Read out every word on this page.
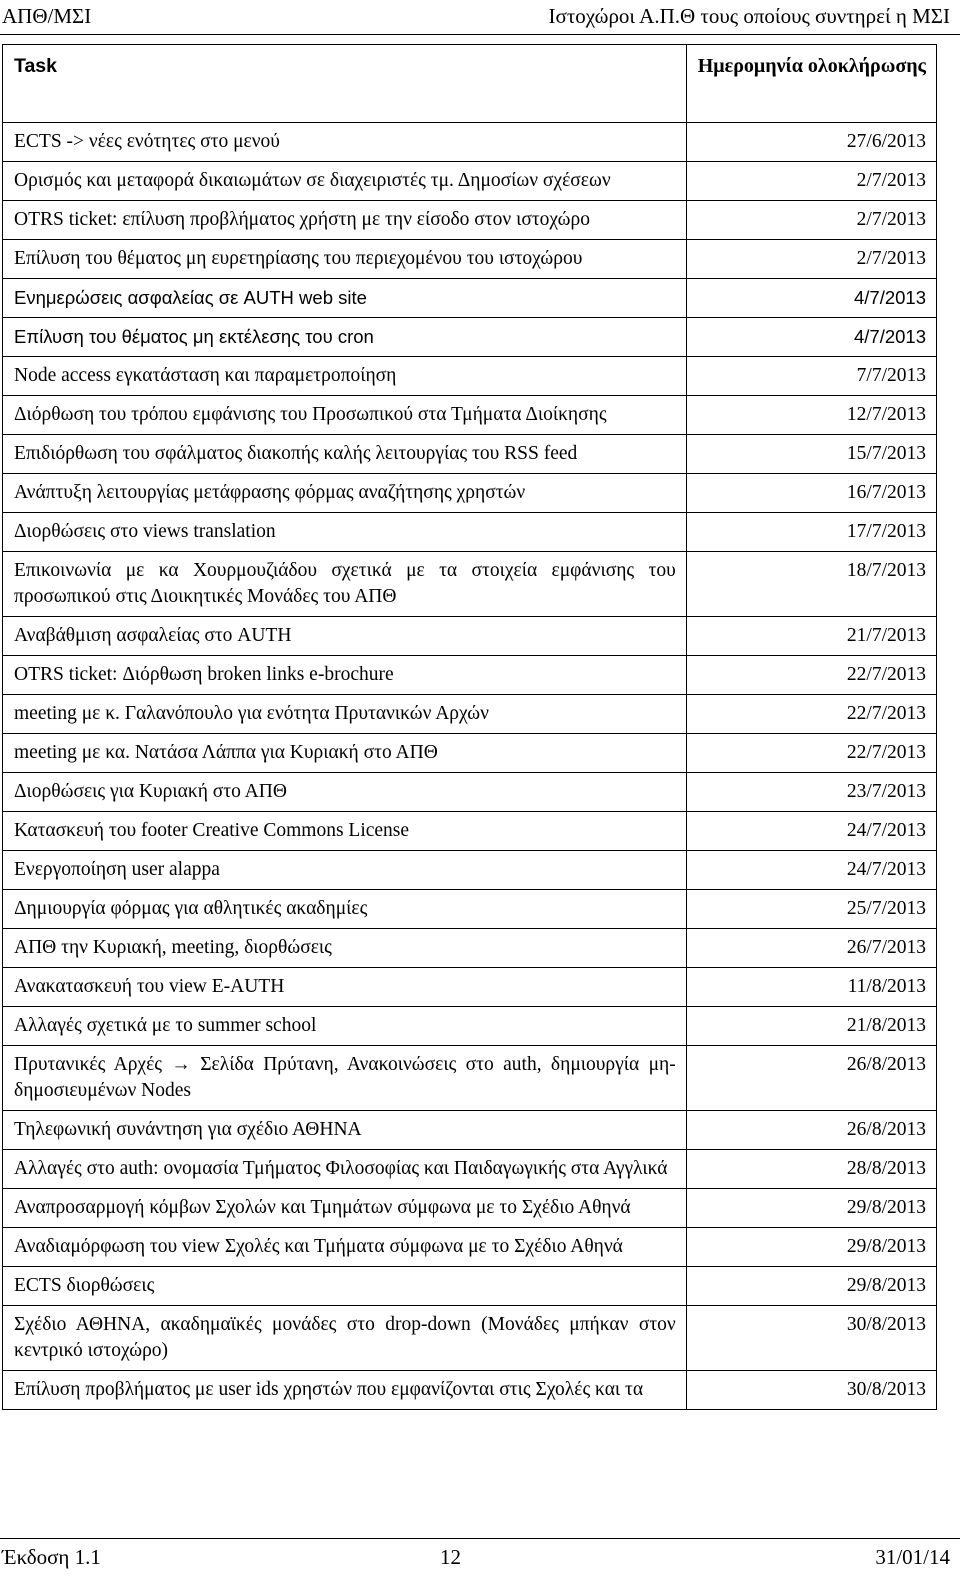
ΑΠΘ/ΜΣΙ	Ιστοχώροι Α.Π.Θ τους οποίους συντηρεί η ΜΣΙ
Task	Ημερομηνία ολοκλήρωσης
ECTS -> νέες ενότητες στο μενού	27/6/2013
Ορισμός και μεταφορά δικαιωμάτων σε διαχειριστές τμ. Δημοσίων σχέσεων	2/7/2013
OTRS ticket: επίλυση προβλήματος χρήστη με την είσοδο στον ιστοχώρο	2/7/2013
Επίλυση του θέματος μη ευρετηρίασης του περιεχομένου του ιστοχώρου	2/7/2013
Ενημερώσεις ασφαλείας σε AUTH web site	4/7/2013
Επίλυση του θέματος μη εκτέλεσης του cron	4/7/2013
Node access εγκατάσταση και παραμετροποίηση	7/7/2013
Διόρθωση του τρόπου εμφάνισης του Προσωπικού στα Τμήματα Διοίκησης	12/7/2013
Επιδιόρθωση του σφάλματος διακοπής καλής λειτουργίας του RSS feed	15/7/2013
Ανάπτυξη λειτουργίας μετάφρασης φόρμας αναζήτησης χρηστών	16/7/2013
Διορθώσεις στο views translation	17/7/2013
Επικοινωνία με κα Χουρμουζιάδου σχετικά με τα στοιχεία εμφάνισης του προσωπικού στις Διοικητικές Μονάδες του ΑΠΘ	18/7/2013
Αναβάθμιση ασφαλείας στο AUTH	21/7/2013
OTRS ticket: Διόρθωση broken links e-brochure	22/7/2013
meeting με κ. Γαλανόπουλο για ενότητα Πρυτανικών Αρχών	22/7/2013
meeting με κα. Νατάσα Λάππα για Κυριακή στο ΑΠΘ	22/7/2013
Διορθώσεις για Κυριακή στο ΑΠΘ	23/7/2013
Κατασκευή του footer Creative Commons License	24/7/2013
Ενεργοποίηση user alappa	24/7/2013
Δημιουργία φόρμας για αθλητικές ακαδημίες	25/7/2013
ΑΠΘ την Κυριακή, meeting, διορθώσεις	26/7/2013
Ανακατασκευή του view E-AUTH	11/8/2013
Αλλαγές σχετικά με το summer school	21/8/2013
Πρυτανικές Αρχές → Σελίδα Πρύτανη, Ανακοινώσεις στο auth, δημιουργία μη-δημοσιευμένων Nodes	26/8/2013
Τηλεφωνική συνάντηση για σχέδιο ΑΘΗΝΑ	26/8/2013
Αλλαγές στο auth: ονομασία Τμήματος Φιλοσοφίας και Παιδαγωγικής στα Αγγλικά	28/8/2013
Αναπροσαρμογή κόμβων Σχολών και Τμημάτων σύμφωνα με το Σχέδιο Αθηνά	29/8/2013
Αναδιαμόρφωση του view Σχολές και Τμήματα σύμφωνα με το Σχέδιο Αθηνά	29/8/2013
ECTS διορθώσεις	29/8/2013
Σχέδιο ΑΘΗΝΑ, ακαδημαϊκές μονάδες στο drop-down (Μονάδες μπήκαν στον κεντρικό ιστοχώρο)	30/8/2013
Επίλυση προβλήματος με user ids χρηστών που εμφανίζονται στις Σχολές και τα	30/8/2013
Έκδοση 1.1	12	31/01/14
